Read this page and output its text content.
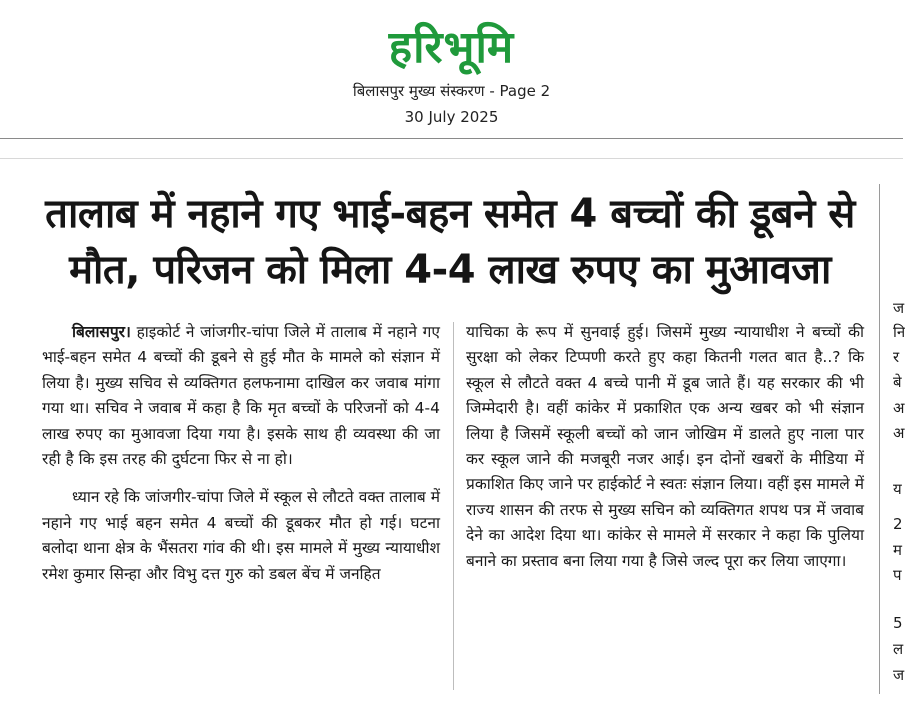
हरिभूमि
बिलासपुर मुख्य संस्करण - Page 2
30 July 2025
तालाब में नहाने गए भाई-बहन समेत 4 बच्चों की डूबने से मौत, परिजन को मिला 4-4 लाख रुपए का मुआवजा

बिलासपुर। हाइकोर्ट ने जांजगीर-चांपा जिले में तालाब में नहाने गए भाई-बहन समेत 4 बच्चों की डूबने से हुई मौत के मामले को संज्ञान में लिया है। मुख्य सचिव से व्यक्तिगत हलफनामा दाखिल कर जवाब मांगा गया था। सचिव ने जवाब में कहा है कि मृत बच्चों के परिजनों को 4-4 लाख रुपए का मुआवजा दिया गया है। इसके साथ ही व्यवस्था की जा रही है कि इस तरह की दुर्घटना फिर से ना हो।

ध्यान रहे कि जांजगीर-चांपा जिले में स्कूल से लौटते वक्त तालाब में नहाने गए भाई बहन समेत 4 बच्चों की डूबकर मौत हो गई। घटना बलोदा थाना क्षेत्र के भैंसतरा गांव की थी। इस मामले में मुख्य न्यायाधीश रमेश कुमार सिन्हा और विभु दत्त गुरु को डबल बेंच में जनहित

याचिका के रूप में सुनवाई हुई। जिसमें मुख्य न्यायाधीश ने बच्चों की सुरक्षा को लेकर टिप्पणी करते हुए कहा कितनी गलत बात है..? कि स्कूल से लौटते वक्त 4 बच्चे पानी में डूब जाते हैं। यह सरकार की भी जिम्मेदारी है। वहीं कांकेर में प्रकाशित एक अन्य खबर को भी संज्ञान लिया है जिसमें स्कूली बच्चों को जान जोखिम में डालते हुए नाला पार कर स्कूल जाने की मजबूरी नजर आई। इन दोनों खबरों के मीडिया में प्रकाशित किए जाने पर हाईकोर्ट ने स्वतः संज्ञान लिया। वहीं इस मामले में राज्य शासन की तरफ से मुख्य सचिन को व्यक्तिगत शपथ पत्र में जवाब देने का आदेश दिया था। कांकेर से मामले में सरकार ने कहा कि पुलिया बनाने का प्रस्ताव बना लिया गया है जिसे जल्द पूरा कर लिया जाएगा।

ज
नि
र
बे
अ
अ
य
2
म
प
5
ल
ज
